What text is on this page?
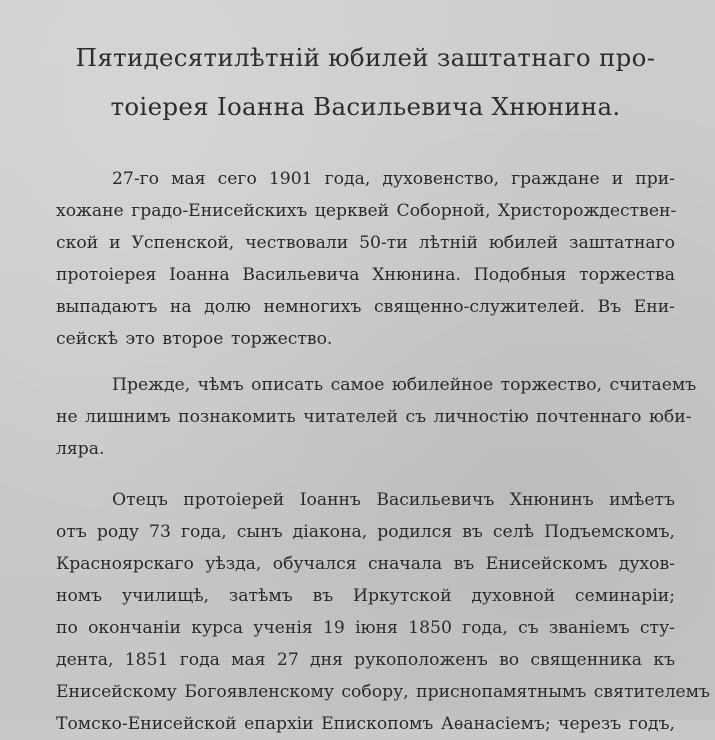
Пятидесятилѣтній юбилей заштатнаго про-
тоіерея Іоанна Васильевича Хнюнина.

27-го мая сего 1901 года, духовенство, граждане и при-
хожане градо-Енисейскихъ церквей Соборной, Христорождествен-
ской и Успенской, чествовали 50-ти лѣтній юбилей заштатнаго
протоіерея Іоанна Васильевича Хнюнина. Подобныя торжества
выпадаютъ на долю немногихъ священно-служителей. Въ Ени-
сейскѣ это второе торжество.

Прежде, чѣмъ описать самое юбилейное торжество, считаемъ
не лишнимъ познакомить читателей съ личностію почтеннаго юби-
ляра.

Отецъ протоіерей Іоаннъ Васильевичъ Хнюнинъ имѣетъ
отъ роду 73 года, сынъ діакона, родился въ селѣ Подъемскомъ,
Красноярскаго уѣзда, обучался сначала въ Енисейскомъ духов-
номъ училищѣ, затѣмъ въ Иркутской духовной семинаріи;
по окончаніи курса ученія 19 іюня 1850 года, съ званіемъ сту-
дента, 1851 года мая 27 дня рукоположенъ во священника къ
Енисейскому Богоявленскому собору, приснопамятнымъ святителемъ
Томско-Енисейской епархіи Епископомъ Аѳанасіемъ; черезъ годъ,
